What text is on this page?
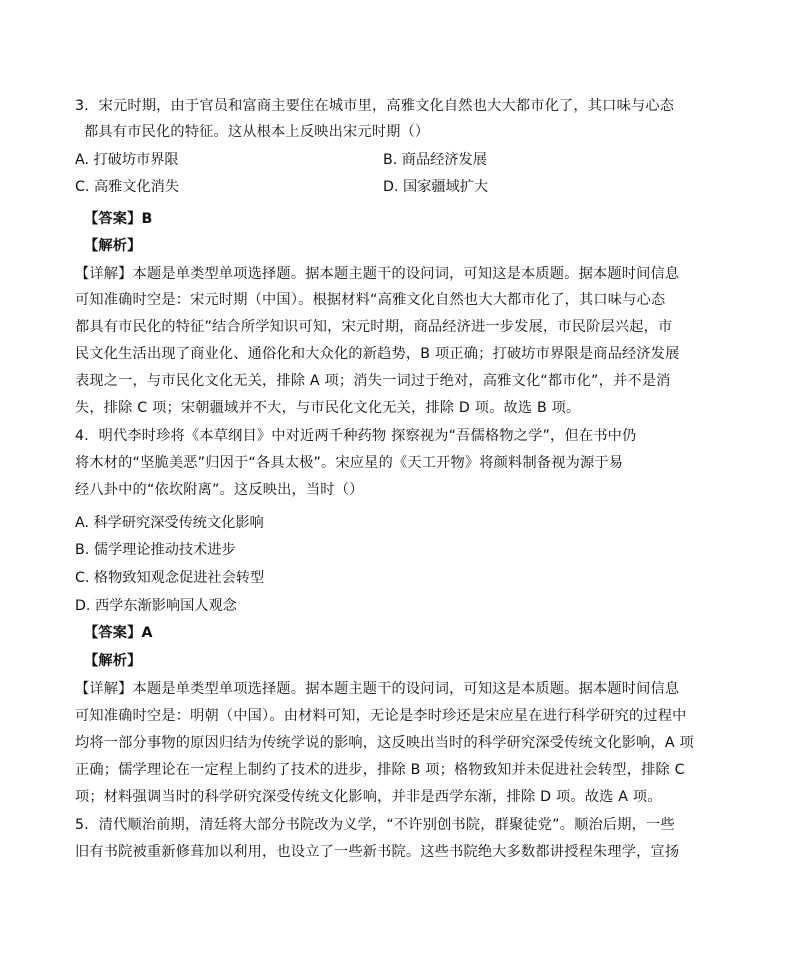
3．宋元时期，由于官员和富商主要住在城市里，高雅文化自然也大大都市化了，其口味与心态
都具有市民化的特征。这从根本上反映出宋元时期（）
A. 打破坊市界限	B. 商品经济发展
C. 高雅文化消失	D. 国家疆域扩大
【答案】B
【解析】
【详解】本题是单类型单项选择题。据本题主题干的设问词，可知这是本质题。据本题时间信息
可知准确时空是：宋元时期（中国）。根据材料“高雅文化自然也大大都市化了，其口味与心态
都具有市民化的特征”结合所学知识可知，宋元时期，商品经济进一步发展，市民阶层兴起，市
民文化生活出现了商业化、通俗化和大众化的新趋势，B 项正确；打破坊市界限是商品经济发展
表现之一，与市民化文化无关，排除 A 项；消失一词过于绝对，高雅文化“都市化”，并不是消
失，排除 C 项；宋朝疆域并不大，与市民化文化无关，排除 D 项。故选 B 项。
4．明代李时珍将《本草纲目》中对近两千种药物 探察视为“吾儒格物之学”，但在书中仍
将木材的“坚脆美恶”归因于“各具太极”。宋应星的《天工开物》将颜料制备视为源于易
经八卦中的“依坎附离”。这反映出，当时（）
A. 科学研究深受传统文化影响
B. 儒学理论推动技术进步
C. 格物致知观念促进社会转型
D. 西学东渐影响国人观念
【答案】A
【解析】
【详解】本题是单类型单项选择题。据本题主题干的设问词，可知这是本质题。据本题时间信息
可知准确时空是：明朝（中国）。由材料可知，无论是李时珍还是宋应星在进行科学研究的过程中
均将一部分事物的原因归结为传统学说的影响，这反映出当时的科学研究深受传统文化影响，A 项
正确；儒学理论在一定程上制约了技术的进步，排除 B 项；格物致知并未促进社会转型，排除 C
项；材料强调当时的科学研究深受传统文化影响，并非是西学东渐，排除 D 项。故选 A 项。
5．清代顺治前期，清廷将大部分书院改为义学，“不许别创书院，群聚徒党”。顺治后期，一些
旧有书院被重新修葺加以利用，也设立了一些新书院。这些书院绝大多数都讲授程朱理学，宣扬
